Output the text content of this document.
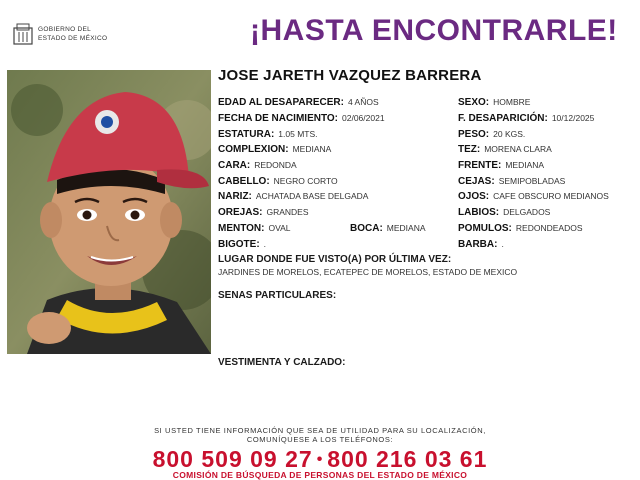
GOBIERNO DEL
ESTADO DE MÉXICO	¡HASTA ENCONTRARLE!
JOSE JARETH VAZQUEZ BARRERA
EDAD AL DESAPARECER: 4 AÑOS
FECHA DE NACIMIENTO: 02/06/2021
ESTATURA: 1.05 MTS.
COMPLEXION: MEDIANA
CARA: REDONDA
CABELLO: NEGRO CORTO
NARIZ: ACHATADA BASE DELGADA
OREJAS: GRANDES
MENTON: OVAL
BIGOTE: .
BOCA: MEDIANA
SEXO: HOMBRE
F. DESAPARICIÓN: 10/12/2025
PESO: 20 KGS.
TEZ: MORENA CLARA
FRENTE: MEDIANA
CEJAS: SEMIPOBLADAS
OJOS: CAFE OBSCURO MEDIANOS
LABIOS: DELGADOS
POMULOS: REDONDEADOS
BARBA: .
LUGAR DONDE FUE VISTO(A) POR ÚLTIMA VEZ:
JARDINES DE MORELOS, ECATEPEC DE MORELOS, ESTADO DE MEXICO
SENAS PARTICULARES:
VESTIMENTA Y CALZADO:
SI USTED TIENE INFORMACIÓN QUE SEA DE UTILIDAD PARA SU LOCALIZACIÓN,
COMUNÍQUESE A LOS TELÉFONOS:
800 509 09 27 • 800 216 03 61
COMISIÓN DE BÚSQUEDA DE PERSONAS DEL ESTADO DE MÉXICO
